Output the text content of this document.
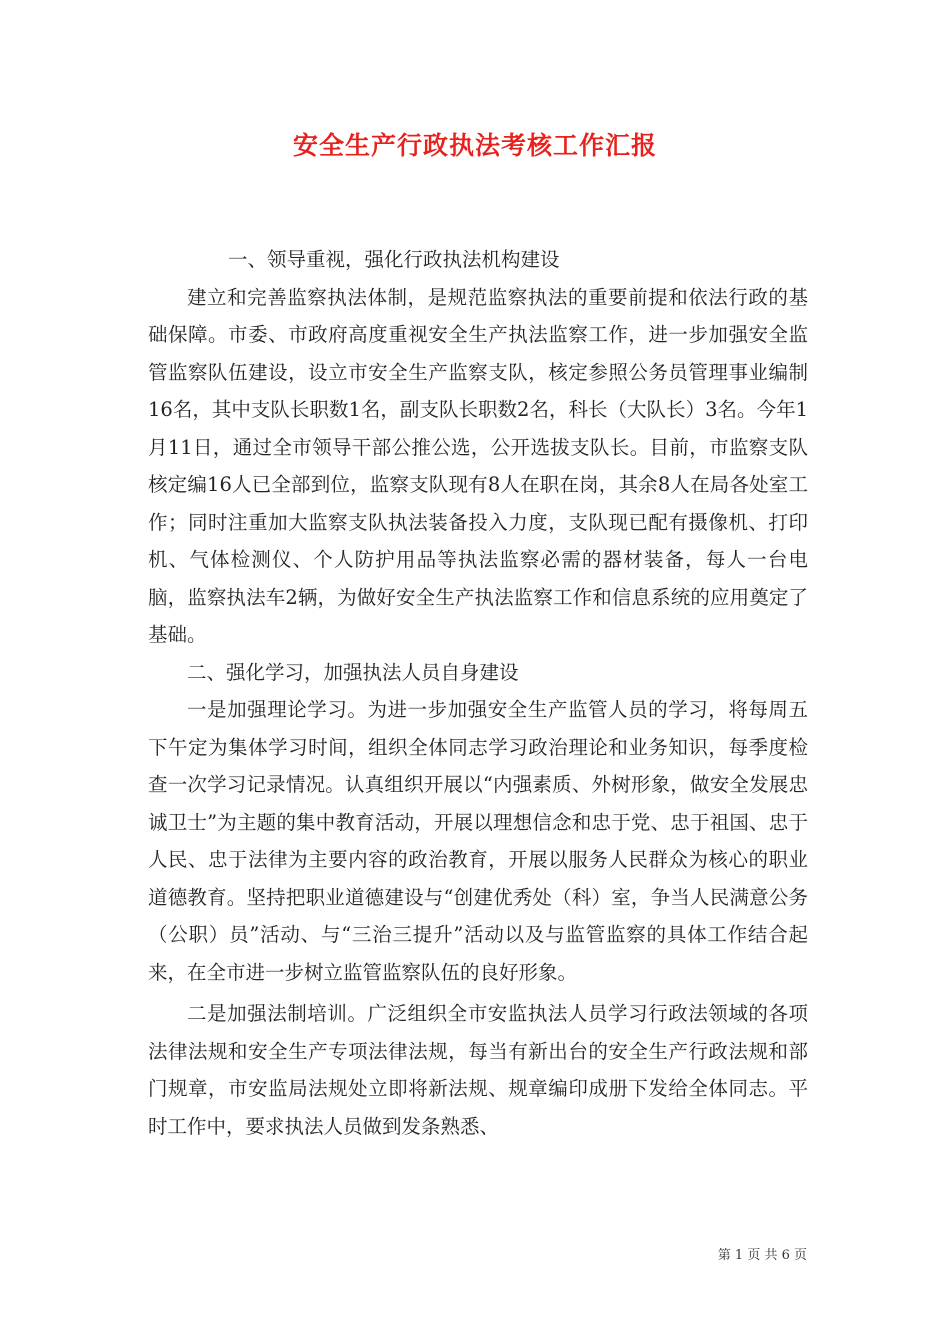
安全生产行政执法考核工作汇报

一、领导重视，强化行政执法机构建设

建立和完善监察执法体制，是规范监察执法的重要前提和依法行政的基础保障。市委、市政府高度重视安全生产执法监察工作，进一步加强安全监管监察队伍建设，设立市安全生产监察支队，核定参照公务员管理事业编制16名，其中支队长职数1名，副支队长职数2名，科长（大队长）3名。今年1月11日，通过全市领导干部公推公选，公开选拔支队长。目前，市监察支队核定编16人已全部到位，监察支队现有8人在职在岗，其余8人在局各处室工作；同时注重加大监察支队执法装备投入力度，支队现已配有摄像机、打印机、气体检测仪、个人防护用品等执法监察必需的器材装备，每人一台电脑，监察执法车2辆，为做好安全生产执法监察工作和信息系统的应用奠定了基础。

二、强化学习，加强执法人员自身建设

一是加强理论学习。为进一步加强安全生产监管人员的学习，将每周五下午定为集体学习时间，组织全体同志学习政治理论和业务知识，每季度检查一次学习记录情况。认真组织开展以“内强素质、外树形象，做安全发展忠诚卫士”为主题的集中教育活动，开展以理想信念和忠于党、忠于祖国、忠于人民、忠于法律为主要内容的政治教育，开展以服务人民群众为核心的职业道德教育。坚持把职业道德建设与“创建优秀处（科）室，争当人民满意公务（公职）员”活动、与“三治三提升”活动以及与监管监察的具体工作结合起来，在全市进一步树立监管监察队伍的良好形象。

二是加强法制培训。广泛组织全市安监执法人员学习行政法领域的各项法律法规和安全生产专项法律法规，每当有新出台的安全生产行政法规和部门规章，市安监局法规处立即将新法规、规章编印成册下发给全体同志。平时工作中，要求执法人员做到发条熟悉、

第 1 页 共 6 页
